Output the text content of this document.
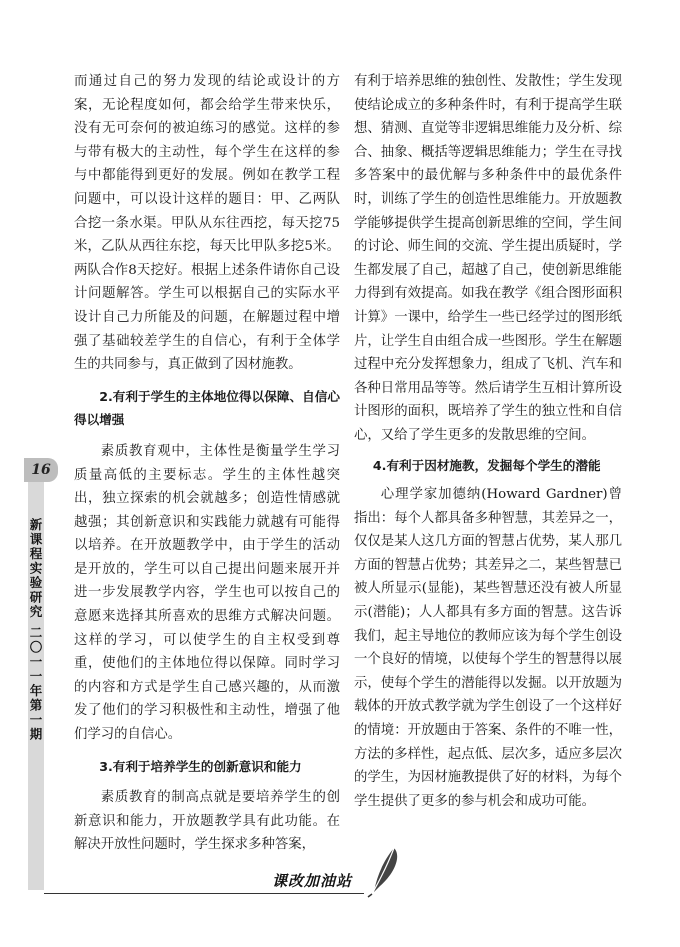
16
新课程实验研究 二〇一一年第一期

而通过自己的努力发现的结论或设计的方案，无论程度如何，都会给学生带来快乐，没有无可奈何的被迫练习的感觉。这样的参与带有极大的主动性，每个学生在这样的参与中都能得到更好的发展。例如在教学工程问题中，可以设计这样的题目：甲、乙两队合挖一条水渠。甲队从东往西挖，每天挖75米，乙队从西往东挖，每天比甲队多挖5米。两队合作8天挖好。根据上述条件请你自己设计问题解答。学生可以根据自己的实际水平设计自己力所能及的问题，在解题过程中增强了基础较差学生的自信心，有利于全体学生的共同参与，真正做到了因材施教。

2.有利于学生的主体地位得以保障、自信心得以增强

素质教育观中，主体性是衡量学生学习质量高低的主要标志。学生的主体性越突出，独立探索的机会就越多；创造性情感就越强；其创新意识和实践能力就越有可能得以培养。在开放题教学中，由于学生的活动是开放的，学生可以自己提出问题来展开并进一步发展教学内容，学生也可以按自己的意愿来选择其所喜欢的思维方式解决问题。这样的学习，可以使学生的自主权受到尊重，使他们的主体地位得以保障。同时学习的内容和方式是学生自己感兴趣的，从而激发了他们的学习积极性和主动性，增强了他们学习的自信心。

3.有利于培养学生的创新意识和能力

素质教育的制高点就是要培养学生的创新意识和能力，开放题教学具有此功能。在解决开放性问题时，学生探求多种答案，

有利于培养思维的独创性、发散性；学生发现使结论成立的多种条件时，有利于提高学生联想、猜测、直觉等非逻辑思维能力及分析、综合、抽象、概括等逻辑思维能力；学生在寻找多答案中的最优解与多种条件中的最优条件时，训练了学生的创造性思维能力。开放题教学能够提供学生提高创新思维的空间，学生间的讨论、师生间的交流、学生提出质疑时，学生都发展了自己，超越了自己，使创新思维能力得到有效提高。如我在教学《组合图形面积计算》一课中，给学生一些已经学过的图形纸片，让学生自由组合成一些图形。学生在解题过程中充分发挥想象力，组成了飞机、汽车和各种日常用品等等。然后请学生互相计算所设计图形的面积，既培养了学生的独立性和自信心，又给了学生更多的发散思维的空间。

4.有利于因材施教，发掘每个学生的潜能

心理学家加德纳(Howard Gardner)曾指出：每个人都具备多种智慧，其差异之一，仅仅是某人这几方面的智慧占优势，某人那几方面的智慧占优势；其差异之二，某些智慧已被人所显示(显能)，某些智慧还没有被人所显示(潜能)；人人都具有多方面的智慧。这告诉我们，起主导地位的教师应该为每个学生创设一个良好的情境，以使每个学生的智慧得以展示，使每个学生的潜能得以发掘。以开放题为载体的开放式教学就为学生创设了一个这样好的情境：开放题由于答案、条件的不唯一性，方法的多样性，起点低、层次多，适应多层次的学生，为因材施教提供了好的材料，为每个学生提供了更多的参与机会和成功可能。

课改加油站
